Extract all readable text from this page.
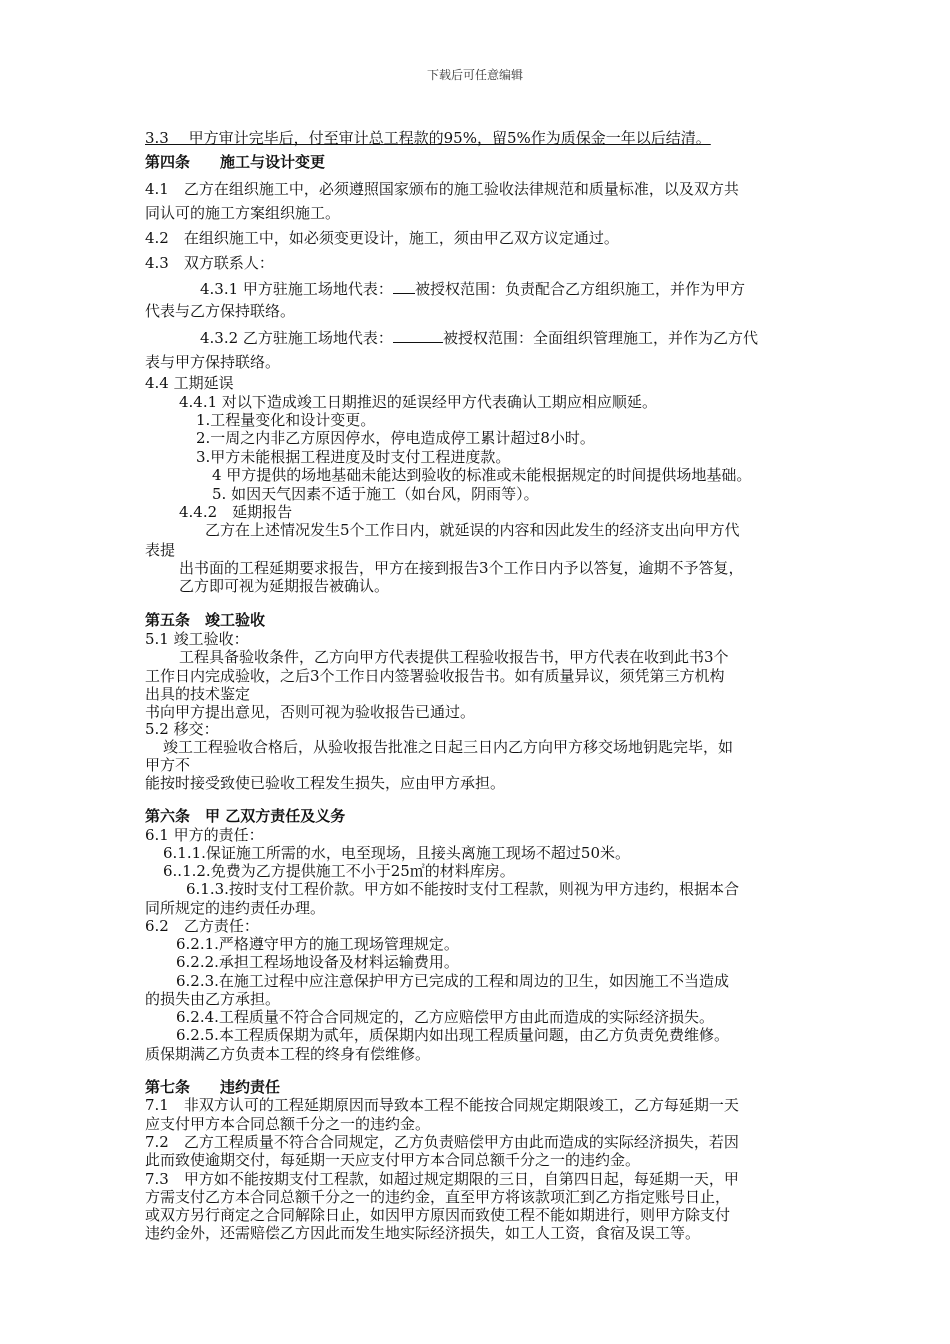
下载后可任意编辑
3.3　 甲方审计完毕后，付至审计总工程款的95%，留5%作为质保金一年以后结清。
第四条　　施工与设计变更
4.1　乙方在组织施工中，必须遵照国家颁布的施工验收法律规范和质量标准，以及双方共
同认可的施工方案组织施工。
4.2　在组织施工中，如必须变更设计，施工，须由甲乙双方议定通过。
4.3　双方联系人：
4.3.1 甲方驻施工场地代表： 被授权范围：负责配合乙方组织施工，并作为甲方
代表与乙方保持联络。
4.3.2 乙方驻施工场地代表：	被授权范围：全面组织管理施工，并作为乙方代
表与甲方保持联络。
4.4 工期延误
4.4.1 对以下造成竣工日期推迟的延误经甲方代表确认工期应相应顺延。
1.工程量变化和设计变更。
2.一周之内非乙方原因停水，停电造成停工累计超过8小时。
3.甲方未能根据工程进度及时支付工程进度款。
4 甲方提供的场地基础未能达到验收的标准或未能根据规定的时间提供场地基础。
5. 如因天气因素不适于施工（如台风，阴雨等）。
4.4.2　延期报告
乙方在上述情况发生5个工作日内，就延误的内容和因此发生的经济支出向甲方代
表提
出书面的工程延期要求报告，甲方在接到报告3个工作日内予以答复，逾期不予答复，
乙方即可视为延期报告被确认。
第五条　竣工验收
5.1 竣工验收：
工程具备验收条件，乙方向甲方代表提供工程验收报告书，甲方代表在收到此书3个
工作日内完成验收，之后3个工作日内签署验收报告书。如有质量异议，须凭第三方机构
出具的技术鉴定
书向甲方提出意见，否则可视为验收报告已通过。
5.2 移交：
竣工工程验收合格后，从验收报告批准之日起三日内乙方向甲方移交场地钥匙完毕，如
甲方不
能按时接受致使已验收工程发生损失，应由甲方承担。
第六条　甲 乙双方责任及义务
6.1 甲方的责任：
6.1.1.保证施工所需的水，电至现场，且接头离施工现场不超过50米。
6..1.2.免费为乙方提供施工不小于25㎡的材料库房。
6.1.3.按时支付工程价款。甲方如不能按时支付工程款，则视为甲方违约，根据本合
同所规定的违约责任办理。
6.2　乙方责任：
6.2.1.严格遵守甲方的施工现场管理规定。
6.2.2.承担工程场地设备及材料运输费用。
6.2.3.在施工过程中应注意保护甲方已完成的工程和周边的卫生，如因施工不当造成
的损失由乙方承担。
6.2.4.工程质量不符合合同规定的，乙方应赔偿甲方由此而造成的实际经济损失。
6.2.5.本工程质保期为贰年，质保期内如出现工程质量问题，由乙方负责免费维修。
质保期满乙方负责本工程的终身有偿维修。
第七条　　违约责任
7.1　非双方认可的工程延期原因而导致本工程不能按合同规定期限竣工，乙方每延期一天
应支付甲方本合同总额千分之一的违约金。
7.2　乙方工程质量不符合合同规定，乙方负责赔偿甲方由此而造成的实际经济损失，若因
此而致使逾期交付，每延期一天应支付甲方本合同总额千分之一的违约金。
7.3　甲方如不能按期支付工程款，如超过规定期限的三日，自第四日起，每延期一天，甲
方需支付乙方本合同总额千分之一的违约金，直至甲方将该款项汇到乙方指定账号日止，
或双方另行商定之合同解除日止，如因甲方原因而致使工程不能如期进行，则甲方除支付
违约金外，还需赔偿乙方因此而发生地实际经济损失，如工人工资，食宿及误工等。
